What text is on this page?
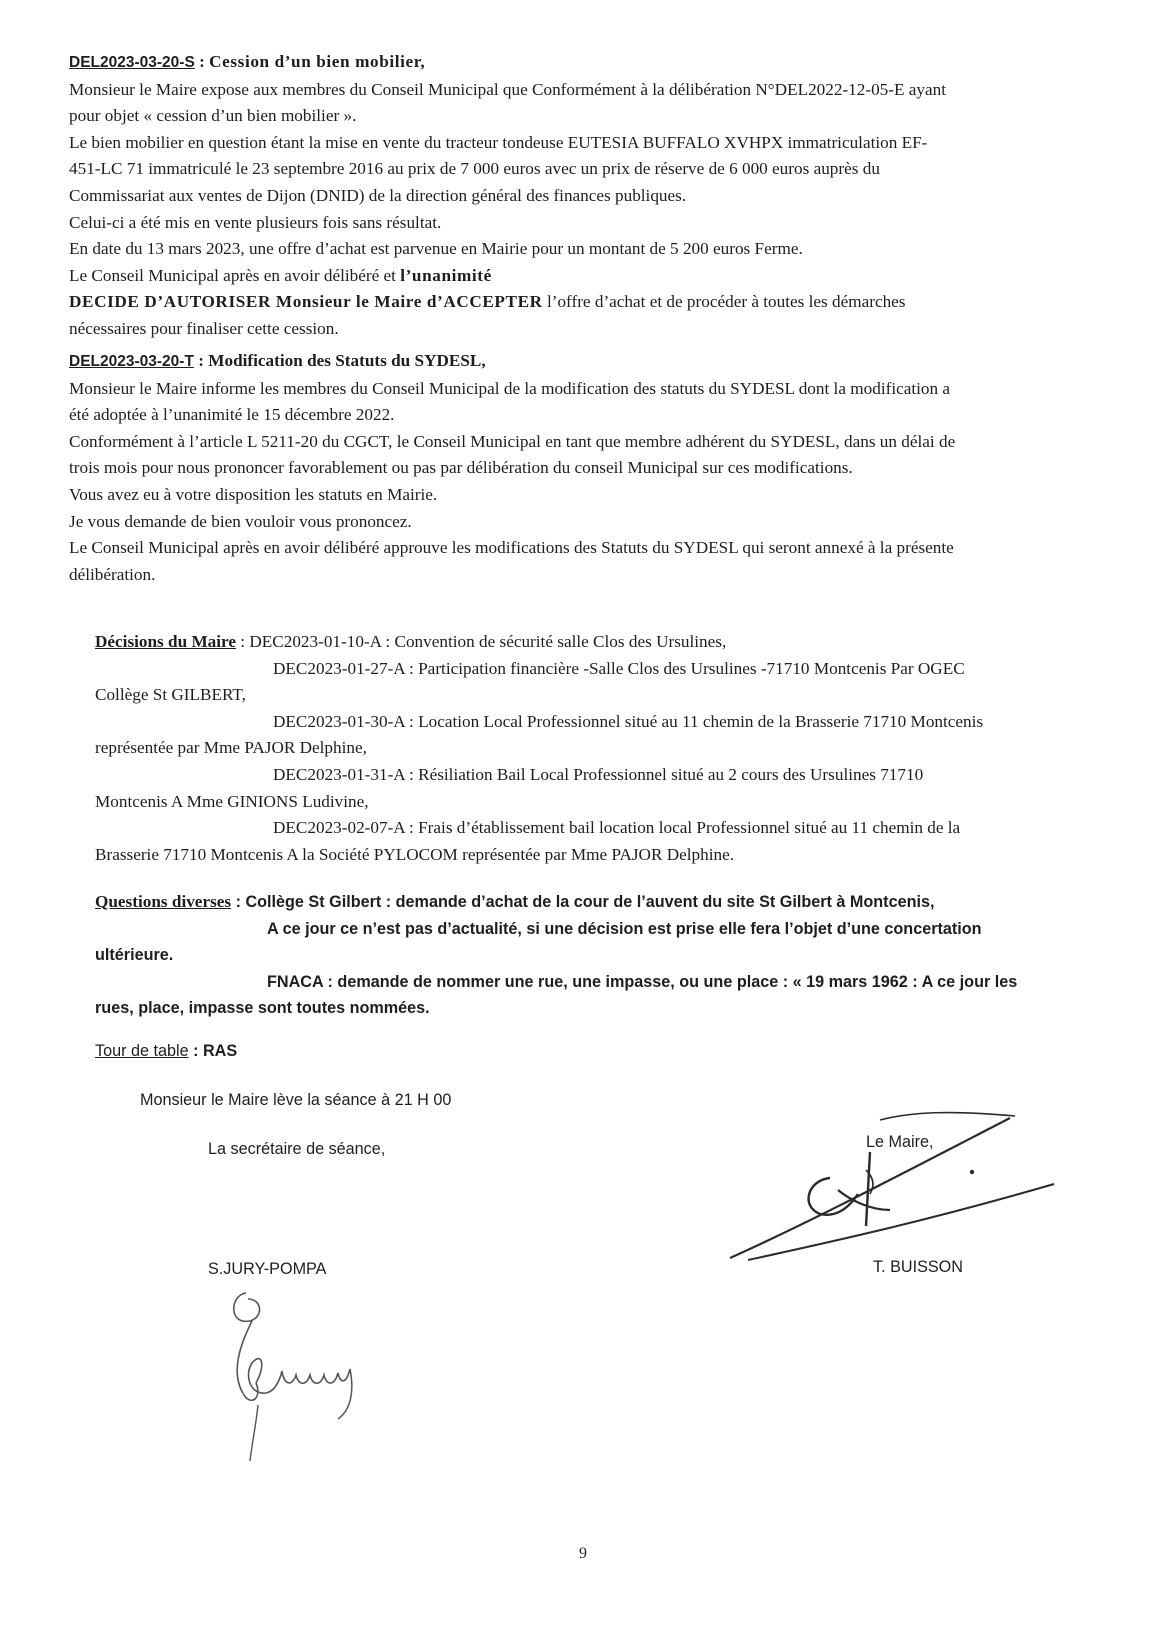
DEL2023-03-20-S : Cession d’un bien mobilier,

Monsieur le Maire expose aux membres du Conseil Municipal que Conformément à la délibération N°DEL2022-12-05-E ayant

pour objet « cession d’un bien mobilier ».

Le bien mobilier en question étant la mise en vente du tracteur tondeuse EUTESIA BUFFALO XVHPX immatriculation EF-

451-LC 71 immatriculé le 23 septembre 2016 au prix de 7 000 euros avec un prix de réserve de 6 000 euros auprès du

Commissariat aux ventes de Dijon (DNID) de la direction général des finances publiques.

Celui-ci a été mis en vente plusieurs fois sans résultat.

En date du 13 mars 2023, une offre d’achat est parvenue en Mairie pour un montant de 5 200 euros Ferme.

Le Conseil Municipal après en avoir délibéré et l’unanimité

DECIDE D’AUTORISER Monsieur le Maire d’ACCEPTER l’offre d’achat et de procéder à toutes les démarches

nécessaires pour finaliser cette cession.

DEL2023-03-20-T : Modification des Statuts du SYDESL,

Monsieur le Maire informe les membres du Conseil Municipal de la modification des statuts du SYDESL dont la modification a

été adoptée à l’unanimité le 15 décembre 2022.

Conformément à l’article L 5211-20 du CGCT, le Conseil Municipal en tant que membre adhérent du SYDESL, dans un délai de

trois mois pour nous prononcer favorablement ou pas par délibération du conseil Municipal sur ces modifications.

Vous avez eu à votre disposition les statuts en Mairie.

Je vous demande de bien vouloir vous prononcez.

Le Conseil Municipal après en avoir délibéré approuve les modifications des Statuts du SYDESL qui seront annexé à la présente

délibération.

Décisions du Maire : DEC2023-01-10-A : Convention de sécurité salle Clos des Ursulines,

DEC2023-01-27-A : Participation financière -Salle Clos des Ursulines -71710 Montcenis Par OGEC

Collège St GILBERT,

DEC2023-01-30-A : Location Local Professionnel situé au 11 chemin de la Brasserie 71710 Montcenis

représentée par Mme PAJOR Delphine,

DEC2023-01-31-A : Résiliation Bail Local Professionnel situé au 2 cours des Ursulines 71710

Montcenis A Mme GINIONS Ludivine,

DEC2023-02-07-A : Frais d’établissement bail location local Professionnel situé au 11 chemin de la

Brasserie 71710 Montcenis A la Société PYLOCOM représentée par Mme PAJOR Delphine.

Questions diverses : Collège St Gilbert : demande d’achat de la cour de l’auvent du site St Gilbert à Montcenis,

A ce jour ce n’est pas d’actualité, si une décision est prise elle fera l’objet d’une concertation

ultérieure.

FNACA : demande de nommer une rue, une impasse, ou une place : « 19 mars 1962 : A ce jour les

rues, place, impasse sont toutes nommées.

Tour de table : RAS
Monsieur le Maire lève la séance à 21 H 00
La secrétaire de séance,	Le Maire,
S.JURY-POMPA	T. BUISSON
9
